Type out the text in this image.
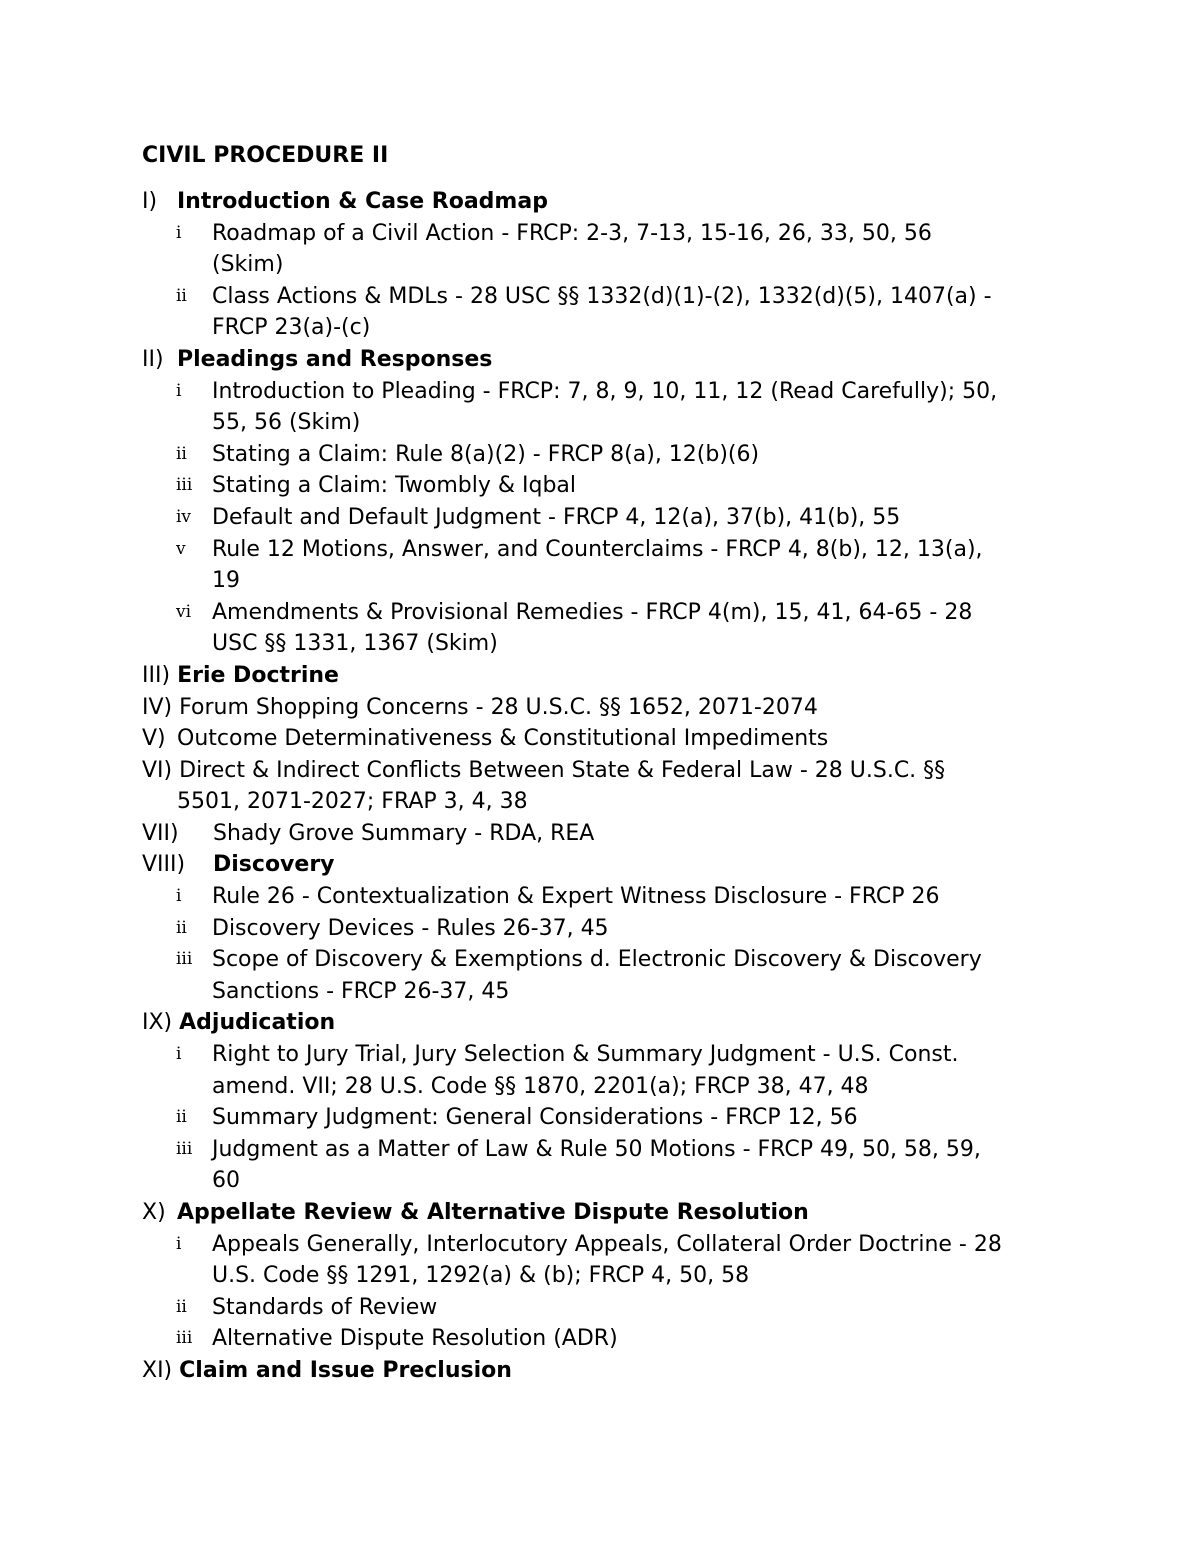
CIVIL PROCEDURE II
I) Introduction & Case Roadmap
i Roadmap of a Civil Action - FRCP: 2-3, 7-13, 15-16, 26, 33, 50, 56
(Skim)
ii Class Actions & MDLs - 28 USC §§ 1332(d)(1)-(2), 1332(d)(5), 1407(a) -
FRCP 23(a)-(c)
II) Pleadings and Responses
i Introduction to Pleading - FRCP: 7, 8, 9, 10, 11, 12 (Read Carefully); 50,
55, 56 (Skim)
ii Stating a Claim: Rule 8(a)(2) - FRCP 8(a), 12(b)(6)
iii Stating a Claim: Twombly & Iqbal
iv Default and Default Judgment - FRCP 4, 12(a), 37(b), 41(b), 55
v Rule 12 Motions, Answer, and Counterclaims - FRCP 4, 8(b), 12, 13(a),
19
vi Amendments & Provisional Remedies - FRCP 4(m), 15, 41, 64-65 - 28
USC §§ 1331, 1367 (Skim)
III) Erie Doctrine
IV) Forum Shopping Concerns - 28 U.S.C. §§ 1652, 2071-2074
V) Outcome Determinativeness & Constitutional Impediments
VI) Direct & Indirect Conflicts Between State & Federal Law - 28 U.S.C. §§
5501, 2071-2027; FRAP 3, 4, 38
VII) Shady Grove Summary - RDA, REA
VIII) Discovery
i Rule 26 - Contextualization & Expert Witness Disclosure - FRCP 26
ii Discovery Devices - Rules 26-37, 45
iii Scope of Discovery & Exemptions d. Electronic Discovery & Discovery
Sanctions - FRCP 26-37, 45
IX) Adjudication
i Right to Jury Trial, Jury Selection & Summary Judgment - U.S. Const.
amend. VII; 28 U.S. Code §§ 1870, 2201(a); FRCP 38, 47, 48
ii Summary Judgment: General Considerations - FRCP 12, 56
iii Judgment as a Matter of Law & Rule 50 Motions - FRCP 49, 50, 58, 59,
60
X) Appellate Review & Alternative Dispute Resolution
i Appeals Generally, Interlocutory Appeals, Collateral Order Doctrine - 28
U.S. Code §§ 1291, 1292(a) & (b); FRCP 4, 50, 58
ii Standards of Review
iii Alternative Dispute Resolution (ADR)
XI) Claim and Issue Preclusion
